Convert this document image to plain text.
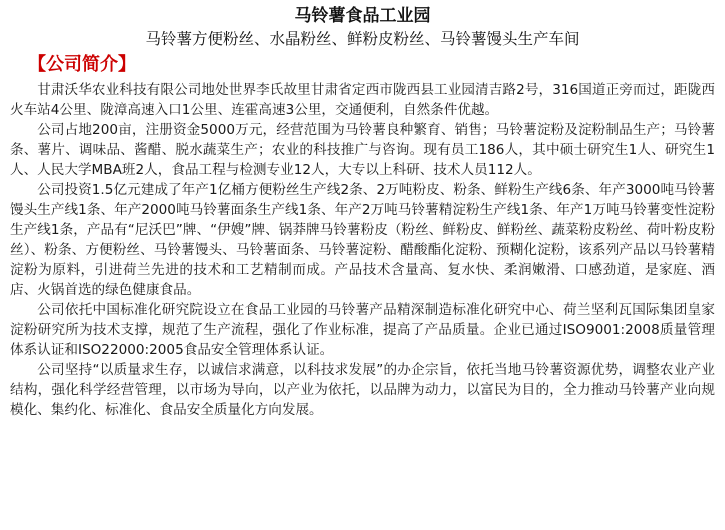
马铃薯食品工业园
马铃薯方便粉丝、水晶粉丝、鲜粉皮粉丝、马铃薯馒头生产车间
【公司简介】

甘肃沃华农业科技有限公司地处世界李氏故里甘肃省定西市陇西县工业园清吉路2号，316国道正旁而过，距陇西火车站4公里、陇漳高速入口1公里、连霍高速3公里，交通便利，自然条件优越。

公司占地200亩，注册资金5000万元，经营范围为马铃薯良种繁育、销售；马铃薯淀粉及淀粉制品生产；马铃薯条、薯片、调味品、酱醋、脱水蔬菜生产；农业的科技推广与咨询。现有员工186人，其中硕士研究生1人、研究生1人、人民大学MBA班2人，食品工程与检测专业12人，大专以上科研、技术人员112人。

公司投资1.5亿元建成了年产1亿桶方便粉丝生产线2条、2万吨粉皮、粉条、鲜粉生产线6条、年产3000吨马铃薯馒头生产线1条、年产2000吨马铃薯面条生产线1条、年产2万吨马铃薯精淀粉生产线1条、年产1万吨马铃薯变性淀粉生产线1条，产品有“尼沃巴”牌、“伊嫂”牌、锅莽牌马铃薯粉皮（粉丝、鲜粉皮、鲜粉丝、蔬菜粉皮粉丝、荷叶粉皮粉丝）、粉条、方便粉丝、马铃薯馒头、马铃薯面条、马铃薯淀粉、醋酸酯化淀粉、预糊化淀粉，该系列产品以马铃薯精淀粉为原料，引进荷兰先进的技术和工艺精制而成。产品技术含量高、复水快、柔润嫩滑、口感劲道，是家庭、酒店、火锅首选的绿色健康食品。

公司依托中国标准化研究院设立在食品工业园的马铃薯产品精深制造标准化研究中心、荷兰坚利瓦国际集团皇家淀粉研究所为技术支撑，规范了生产流程，强化了作业标准，提高了产品质量。企业已通过ISO9001:2008质量管理体系认证和ISO22000:2005食品安全管理体系认证。

公司坚持“以质量求生存，以诚信求满意，以科技求发展”的办企宗旨，依托当地马铃薯资源优势，调整农业产业结构，强化科学经营管理，以市场为导向，以产业为依托，以品牌为动力，以富民为目的，全力推动马铃薯产业向规模化、集约化、标准化、食品安全质量化方向发展。
